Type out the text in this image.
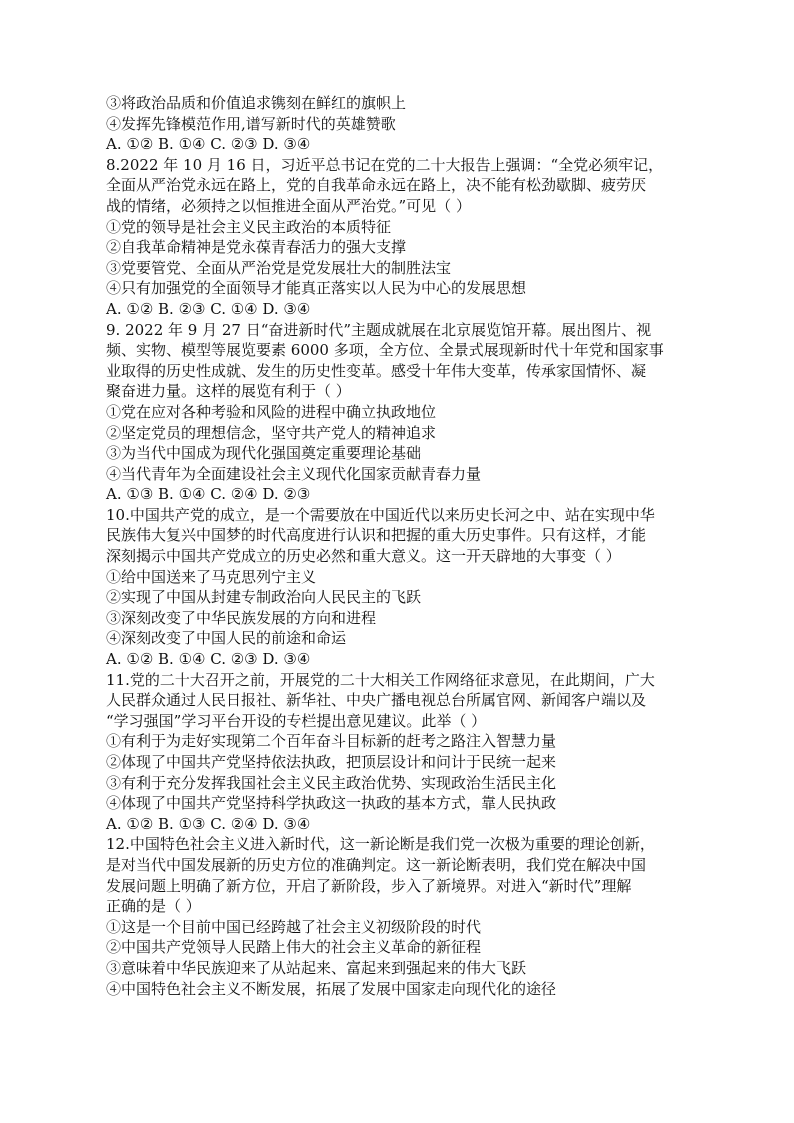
③将政治品质和价值追求镌刻在鲜红的旗帜上
④发挥先锋模范作用,谱写新时代的英雄赞歌
A. ①② B. ①④ C. ②③ D. ③④
8.2022 年 10 月 16 日，习近平总书记在党的二十大报告上强调：“全党必须牢记，
全面从严治党永远在路上，党的自我革命永远在路上，决不能有松劲歇脚、疲劳厌
战的情绪，必须持之以恒推进全面从严治党。”可见（ ）
①党的领导是社会主义民主政治的本质特征
②自我革命精神是党永葆青春活力的强大支撑
③党要管党、全面从严治党是党发展壮大的制胜法宝
④只有加强党的全面领导才能真正落实以人民为中心的发展思想
A. ①② B. ②③ C. ①④ D. ③④
9. 2022 年 9 月 27 日“奋进新时代”主题成就展在北京展览馆开幕。展出图片、视
频、实物、模型等展览要素 6000 多项，全方位、全景式展现新时代十年党和国家事
业取得的历史性成就、发生的历史性变革。感受十年伟大变革，传承家国情怀、凝
聚奋进力量。这样的展览有利于（ ）
①党在应对各种考验和风险的进程中确立执政地位
②坚定党员的理想信念，坚守共产党人的精神追求
③为当代中国成为现代化强国奠定重要理论基础
④当代青年为全面建设社会主义现代化国家贡献青春力量
A. ①③ B. ①④ C. ②④ D. ②③
10.中国共产党的成立，是一个需要放在中国近代以来历史长河之中、站在实现中华
民族伟大复兴中国梦的时代高度进行认识和把握的重大历史事件。只有这样，才能
深刻揭示中国共产党成立的历史必然和重大意义。这一开天辟地的大事变（ ）
①给中国送来了马克思列宁主义
②实现了中国从封建专制政治向人民民主的飞跃
③深刻改变了中华民族发展的方向和进程
④深刻改变了中国人民的前途和命运
A. ①② B. ①④ C. ②③ D. ③④
11.党的二十大召开之前，开展党的二十大相关工作网络征求意见，在此期间，广大
人民群众通过人民日报社、新华社、中央广播电视总台所属官网、新闻客户端以及
“学习强国”学习平台开设的专栏提出意见建议。此举（ ）
①有利于为走好实现第二个百年奋斗目标新的赶考之路注入智慧力量
②体现了中国共产党坚持依法执政，把顶层设计和问计于民统一起来
③有利于充分发挥我国社会主义民主政治优势、实现政治生活民主化
④体现了中国共产党坚持科学执政这一执政的基本方式，靠人民执政
A. ①② B. ①③ C. ②④ D. ③④
12.中国特色社会主义进入新时代，这一新论断是我们党一次极为重要的理论创新，
是对当代中国发展新的历史方位的准确判定。这一新论断表明，我们党在解决中国
发展问题上明确了新方位，开启了新阶段，步入了新境界。对进入“新时代”理解
正确的是（ ）
①这是一个目前中国已经跨越了社会主义初级阶段的时代
②中国共产党领导人民踏上伟大的社会主义革命的新征程
③意味着中华民族迎来了从站起来、富起来到强起来的伟大飞跃
④中国特色社会主义不断发展，拓展了发展中国家走向现代化的途径
